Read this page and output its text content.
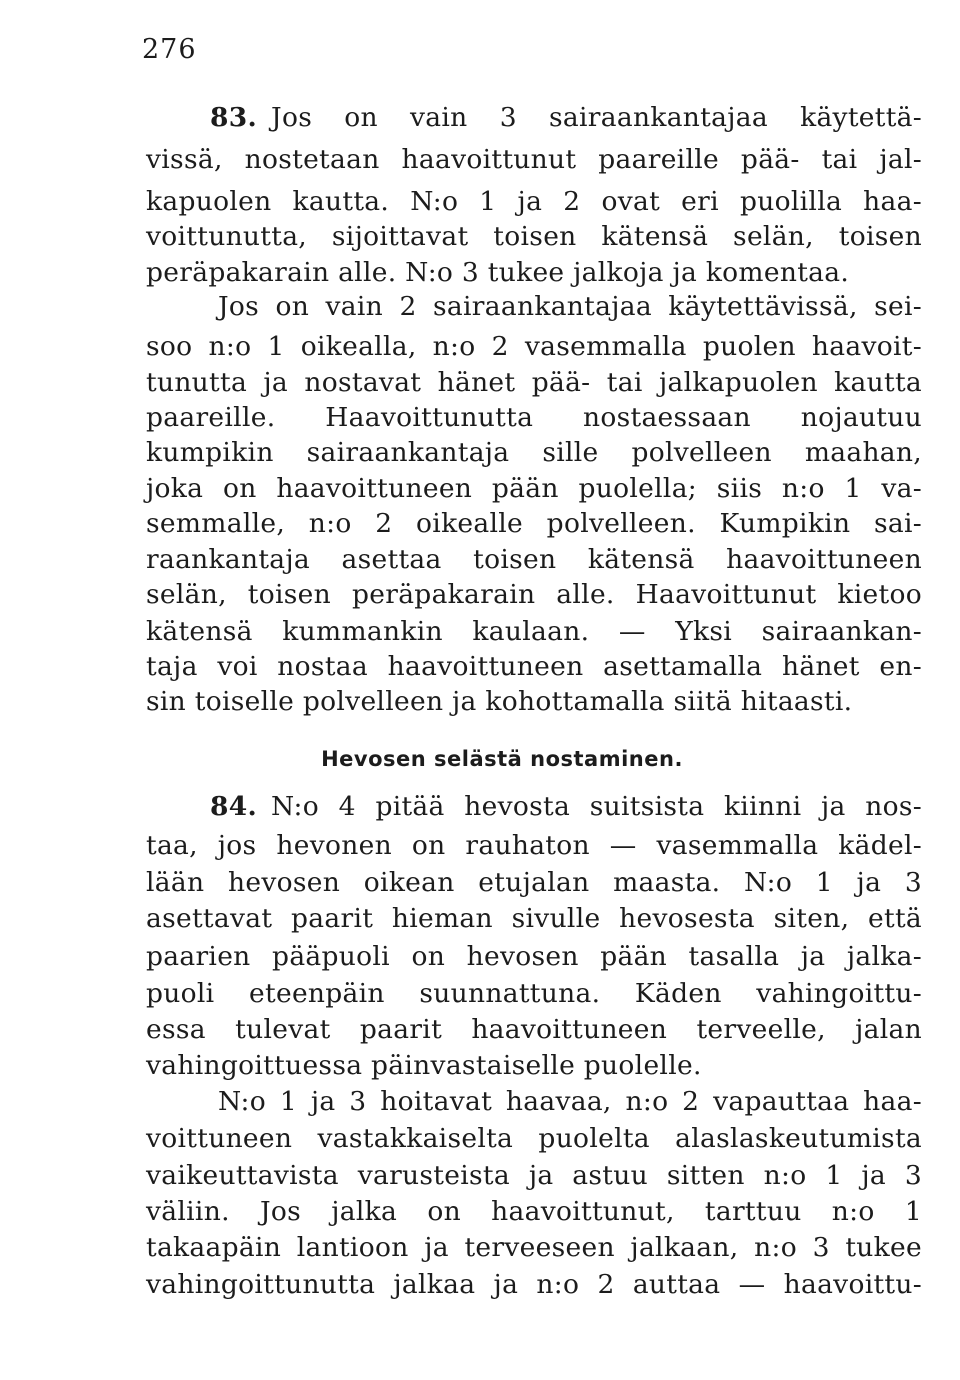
276
83. Jos on vain 3 sairaankantajaa käytettä-
vissä, nostetaan haavoittunut paareille pää- tai jal-
kapuolen kautta. N:o 1 ja 2 ovat eri puolilla haa-
voittunutta, sijoittavat toisen kätensä selän, toisen
peräpakarain alle. N:o 3 tukee jalkoja ja komentaa.
Jos on vain 2 sairaankantajaa käytettävissä, sei-
soo n:o 1 oikealla, n:o 2 vasemmalla puolen haavoit-
tunutta ja nostavat hänet pää- tai jalkapuolen kautta
paareille. Haavoittunutta nostaessaan nojautuu
kumpikin sairaankantaja sille polvelleen maahan,
joka on haavoittuneen pään puolella; siis n:o 1 va-
semmalle, n:o 2 oikealle polvelleen. Kumpikin sai-
raankantaja asettaa toisen kätensä haavoittuneen
selän, toisen peräpakarain alle. Haavoittunut kietoo
kätensä kummankin kaulaan. — Yksi sairaankan-
taja voi nostaa haavoittuneen asettamalla hänet en-
sin toiselle polvelleen ja kohottamalla siitä hitaasti.
Hevosen selästä nostaminen.
84. N:o 4 pitää hevosta suitsista kiinni ja nos-
taa, jos hevonen on rauhaton — vasemmalla kädel-
lään hevosen oikean etujalan maasta. N:o 1 ja 3
asettavat paarit hieman sivulle hevosesta siten, että
paarien pääpuoli on hevosen pään tasalla ja jalka-
puoli eteenpäin suunnattuna. Käden vahingoittu-
essa tulevat paarit haavoittuneen terveelle, jalan
vahingoittuessa päinvastaiselle puolelle.
N:o 1 ja 3 hoitavat haavaa, n:o 2 vapauttaa haa-
voittuneen vastakkaiselta puolelta alaslaskeutumista
vaikeuttavista varusteista ja astuu sitten n:o 1 ja 3
väliin. Jos jalka on haavoittunut, tarttuu n:o 1
takaapäin lantioon ja terveeseen jalkaan, n:o 3 tukee
vahingoittunutta jalkaa ja n:o 2 auttaa — haavoittu-
